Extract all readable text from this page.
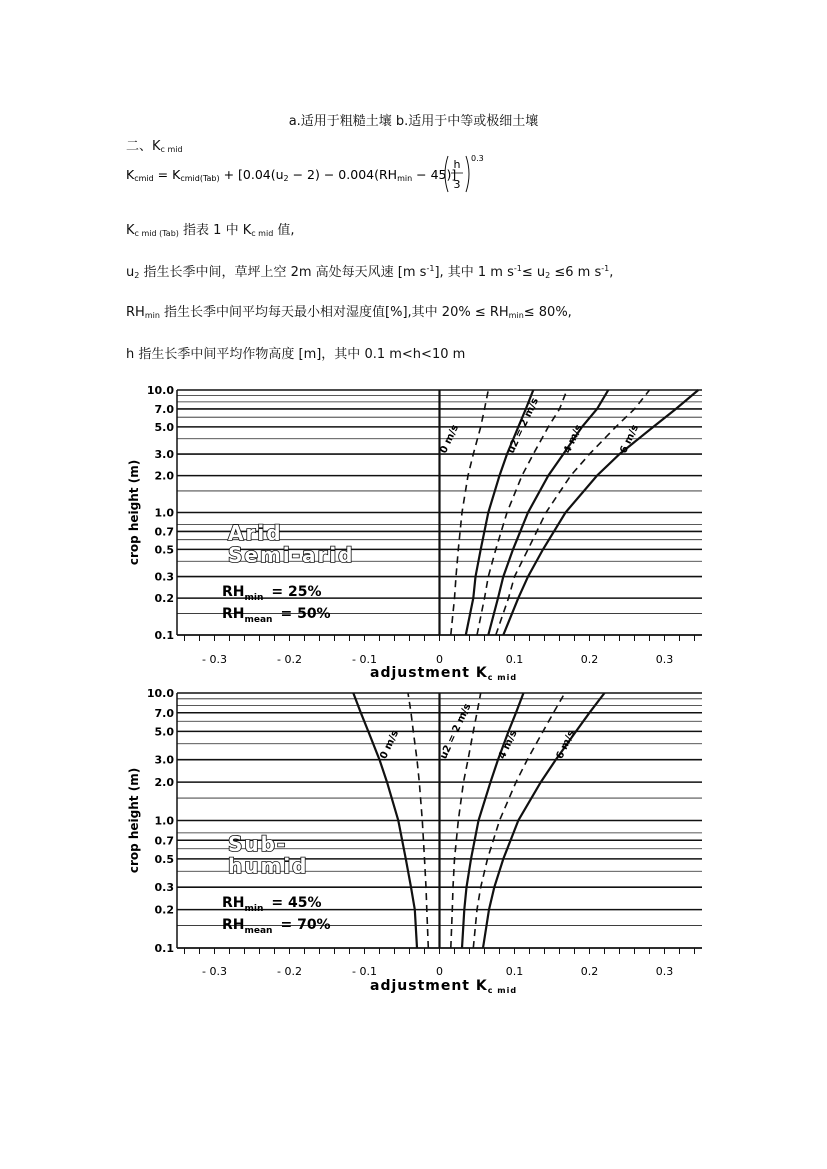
a.适用于粗糙土壤 b.适用于中等或极细土壤
二、$K_{c mid}$
Kcmid = Kcmid(Tab) + [0.04(u2 − 2) − 0.004(RHmin − 45)]
h
3
0.3
$K_{c mid (Tab)}$ 指表 1 中 $K_{c mid}$ 值,
$u_2$ 指生长季中间，草坪上空 2m 高处每天风速 [m $s^{-1}$], 其中 1 m $s^{-1}\le u_2 \le 6$ m $s^{-1}$,
$RH_{min}$ 指生长季中间平均每天最小相对湿度值[%],其中 $20\% \le RH_{min}\le 80\%$,
h 指生长季中间平均作物高度 [m]，其中 0.1 m<h<10 m
10.0
7.0
5.0
3.0
2.0
1.0
0.7
0.5
0.3
0.2
0.1
- 0.3	- 0.2	- 0.1	0	0.1	0.2	0.3
crop height (m)
adjustment $K_{c mid}$
0 m/s	u2 = 2 m/s 4 m/s	6 m/s
Arid
Semi-arid
$RH_{min} = 25\%$
$RH_{mean} = 50\%$
10.0
7.0
5.0
3.0
2.0
1.0
0.7
0.5
0.3
0.2
0.1
- 0.3	- 0.2	- 0.1	0	0.1	0.2	0.3
crop height (m)
adjustment $K_{c mid}$
0 m/s	u2 = 2 m/s 4 m/s	6 m/s
Sub-
humid
$RH_{min} = 45\%$
$RH_{mean} = 70\%$
